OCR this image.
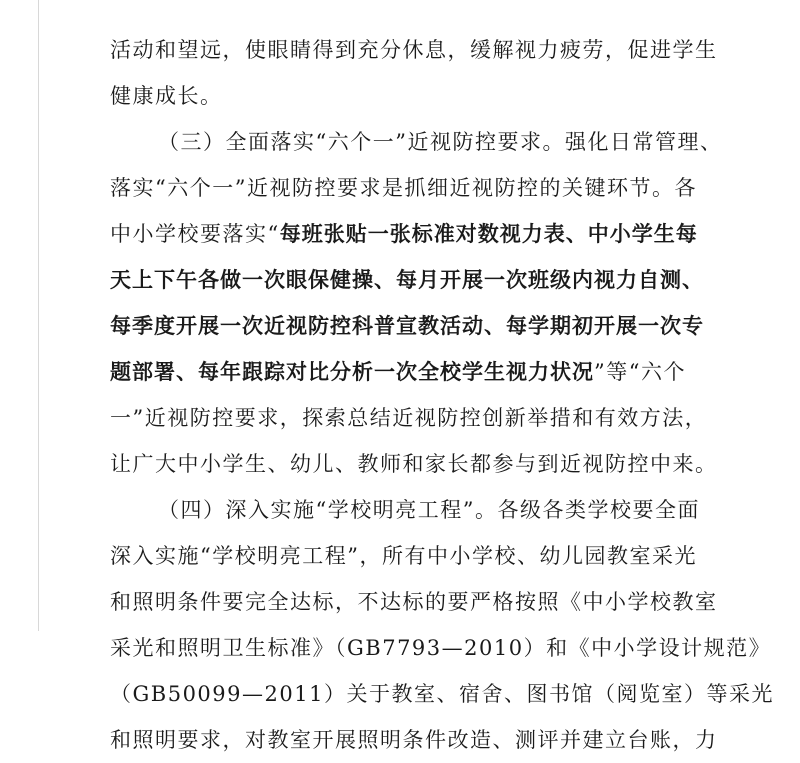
活动和望远，使眼睛得到充分休息，缓解视力疲劳，促进学生
健康成长。
（三）全面落实“六个一”近视防控要求。强化日常管理、
落实“六个一”近视防控要求是抓细近视防控的关键环节。各
中小学校要落实“每班张贴一张标准对数视力表、中小学生每
天上下午各做一次眼保健操、每月开展一次班级内视力自测、
每季度开展一次近视防控科普宣教活动、每学期初开展一次专
题部署、每年跟踪对比分析一次全校学生视力状况”等“六个
一”近视防控要求，探索总结近视防控创新举措和有效方法，
让广大中小学生、幼儿、教师和家长都参与到近视防控中来。
（四）深入实施“学校明亮工程”。各级各类学校要全面
深入实施“学校明亮工程”，所有中小学校、幼儿园教室采光
和照明条件要完全达标，不达标的要严格按照《中小学校教室
采光和照明卫生标准》（GB7793—2010）和《中小学设计规范》
（GB50099—2011）关于教室、宿舍、图书馆（阅览室）等采光
和照明要求，对教室开展照明条件改造、测评并建立台账，力
